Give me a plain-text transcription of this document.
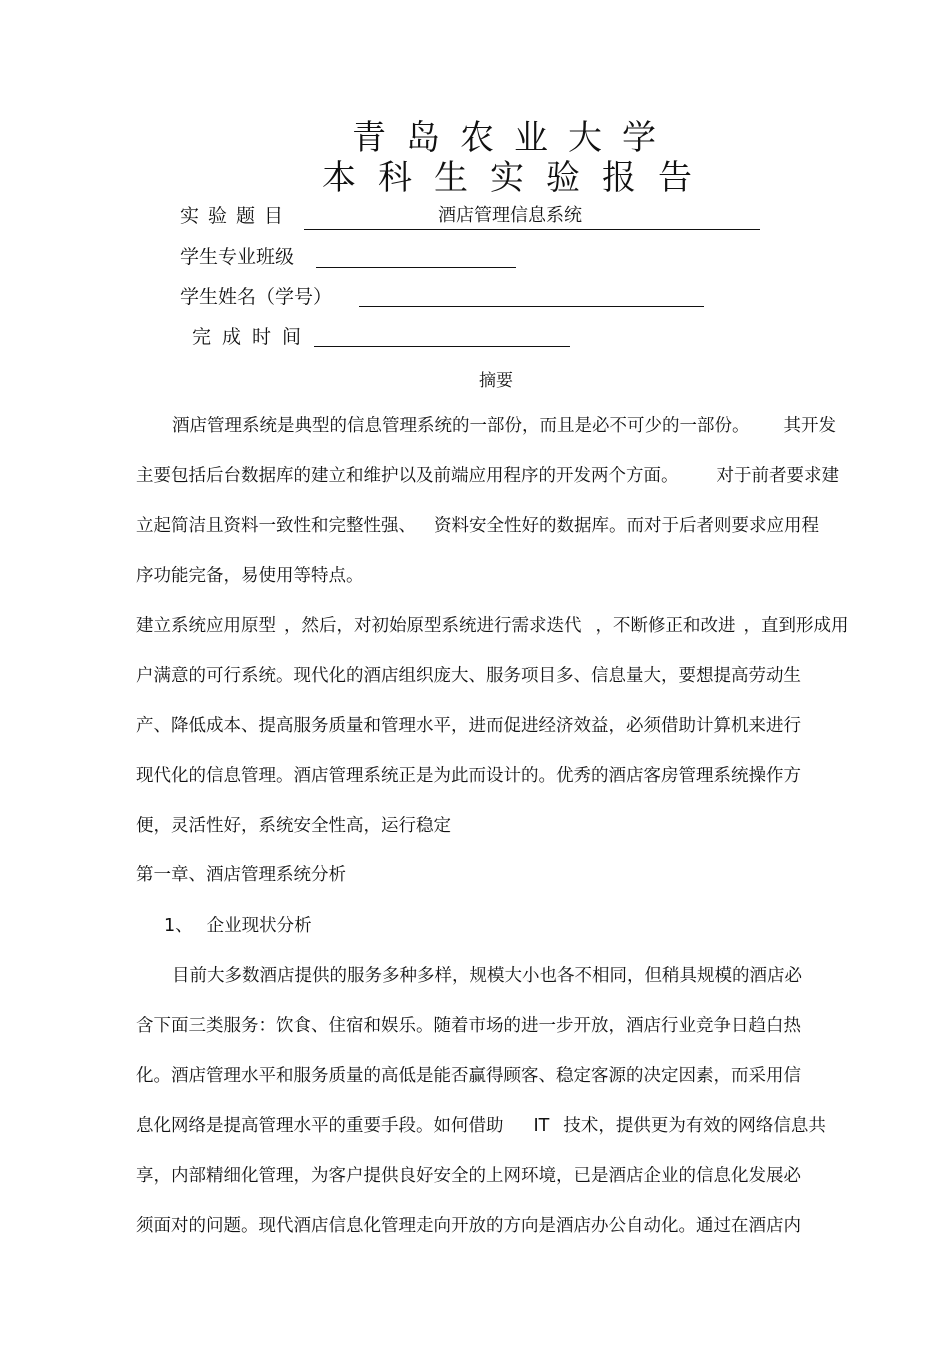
青岛农业大学
本科生实验报告
实验题目	酒店管理信息系统
学生专业班级
学生姓名（学号）
完成时间
摘要
酒店管理系统是典型的信息管理系统的一部份，而且是必不可少的一部份。 其开发
主要包括后台数据库的建立和维护以及前端应用程序的开发两个方面。 对于前者要求建
立起简洁且资料一致性和完整性强、 资料安全性好的数据库。而对于后者则要求应用程
序功能完备，易使用等特点。
建立系统应用原型 ，然后，对初始原型系统进行需求迭代 ，不断修正和改进 ，直到形成用
户满意的可行系统。现代化的酒店组织庞大、服务项目多、信息量大，要想提高劳动生
产、降低成本、提高服务质量和管理水平，进而促进经济效益，必须借助计算机来进行
现代化的信息管理。酒店管理系统正是为此而设计的。优秀的酒店客房管理系统操作方
便，灵活性好，系统安全性高，运行稳定
第一章、酒店管理系统分析
1、 企业现状分析
目前大多数酒店提供的服务多种多样，规模大小也各不相同，但稍具规模的酒店必
含下面三类服务：饮食、住宿和娱乐。随着市场的进一步开放，酒店行业竞争日趋白热
化。酒店管理水平和服务质量的高低是能否赢得顾客、稳定客源的决定因素，而采用信
息化网络是提高管理水平的重要手段。如何借助 IT 技术，提供更为有效的网络信息共
享，内部精细化管理，为客户提供良好安全的上网环境，已是酒店企业的信息化发展必
须面对的问题。现代酒店信息化管理走向开放的方向是酒店办公自动化。通过在酒店内
